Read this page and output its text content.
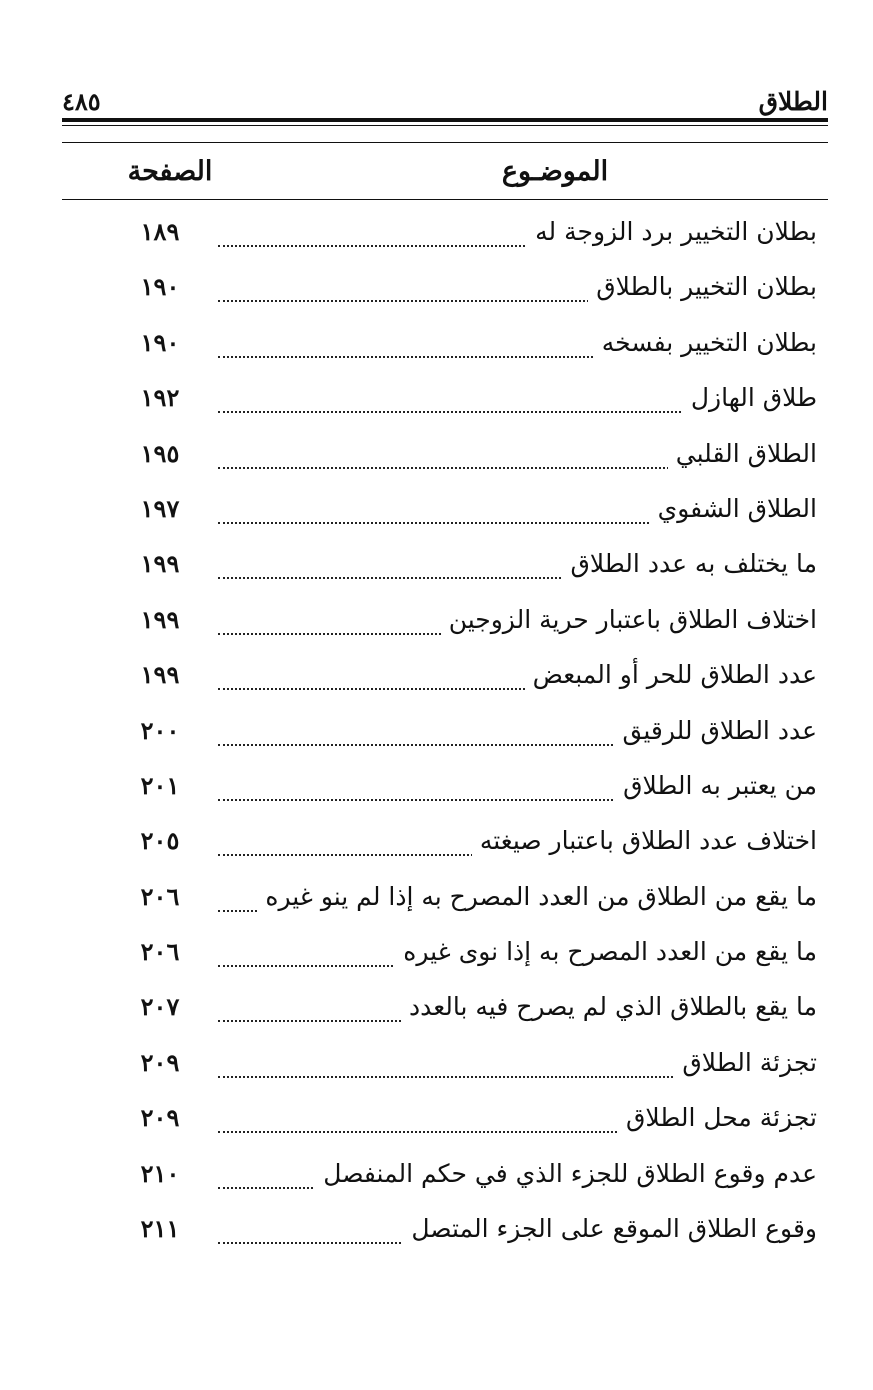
الطلاق
٤٨٥
الموضـوع
الصفحة
بطلان التخيير برد الزوجة له
١٨٩
بطلان التخيير بالطلاق
١٩٠
بطلان التخيير بفسخه
١٩٠
طلاق الهازل
١٩٢
الطلاق القلبي
١٩٥
الطلاق الشفوي
١٩٧
ما يختلف به عدد الطلاق
١٩٩
اختلاف الطلاق باعتبار حرية الزوجين
١٩٩
عدد الطلاق للحر أو المبعض
١٩٩
عدد الطلاق للرقيق
٢٠٠
من يعتبر به الطلاق
٢٠١
اختلاف عدد الطلاق باعتبار صيغته
٢٠٥
ما يقع من الطلاق من العدد المصرح به إذا لم ينو غيره
٢٠٦
ما يقع من العدد المصرح به إذا نوى غيره
٢٠٦
ما يقع بالطلاق الذي لم يصرح فيه بالعدد
٢٠٧
تجزئة الطلاق
٢٠٩
تجزئة محل الطلاق
٢٠٩
عدم وقوع الطلاق للجزء الذي في حكم المنفصل
٢١٠
وقوع الطلاق الموقع على الجزء المتصل
٢١١
